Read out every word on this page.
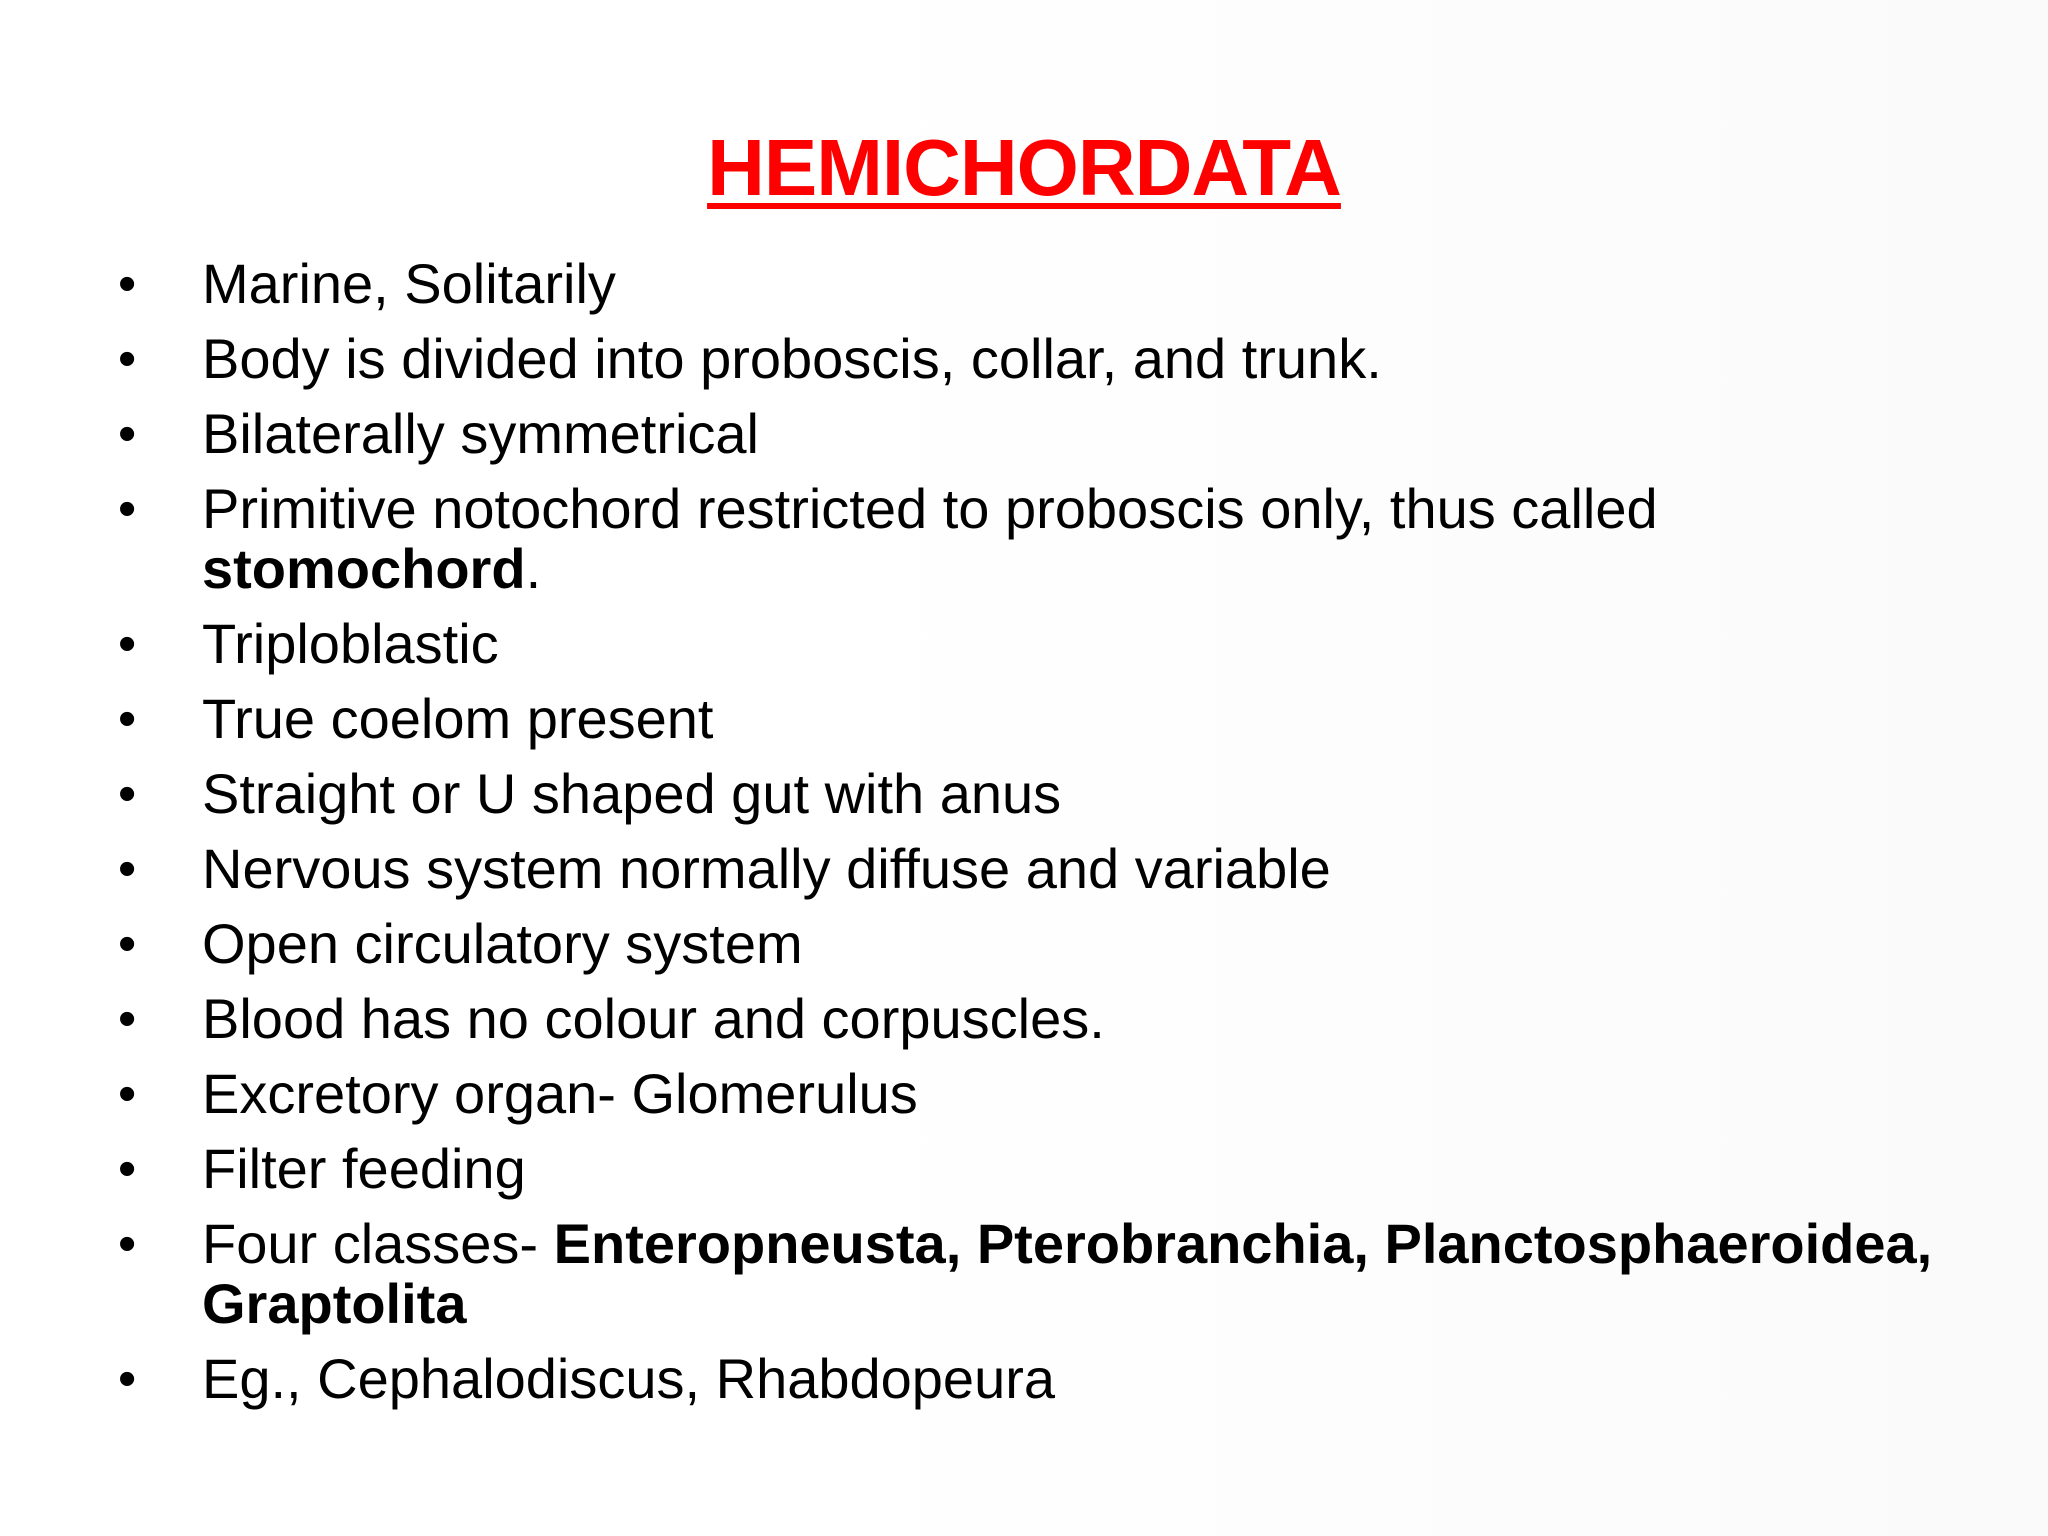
HEMICHORDATA
•	Marine, Solitarily
•	Body is divided into proboscis, collar, and trunk.
•	Bilaterally symmetrical
•	Primitive notochord restricted to proboscis only, thus called stomochord.
•	Triploblastic
•	True coelom present
•	Straight or U shaped gut with anus
•	Nervous system normally diffuse and variable
•	Open circulatory system
•	Blood has no colour and corpuscles.
•	Excretory organ- Glomerulus
•	Filter feeding
•	Four classes- Enteropneusta, Pterobranchia, Planctosphaeroidea, Graptolita
•	Eg., Cephalodiscus, Rhabdopeura
